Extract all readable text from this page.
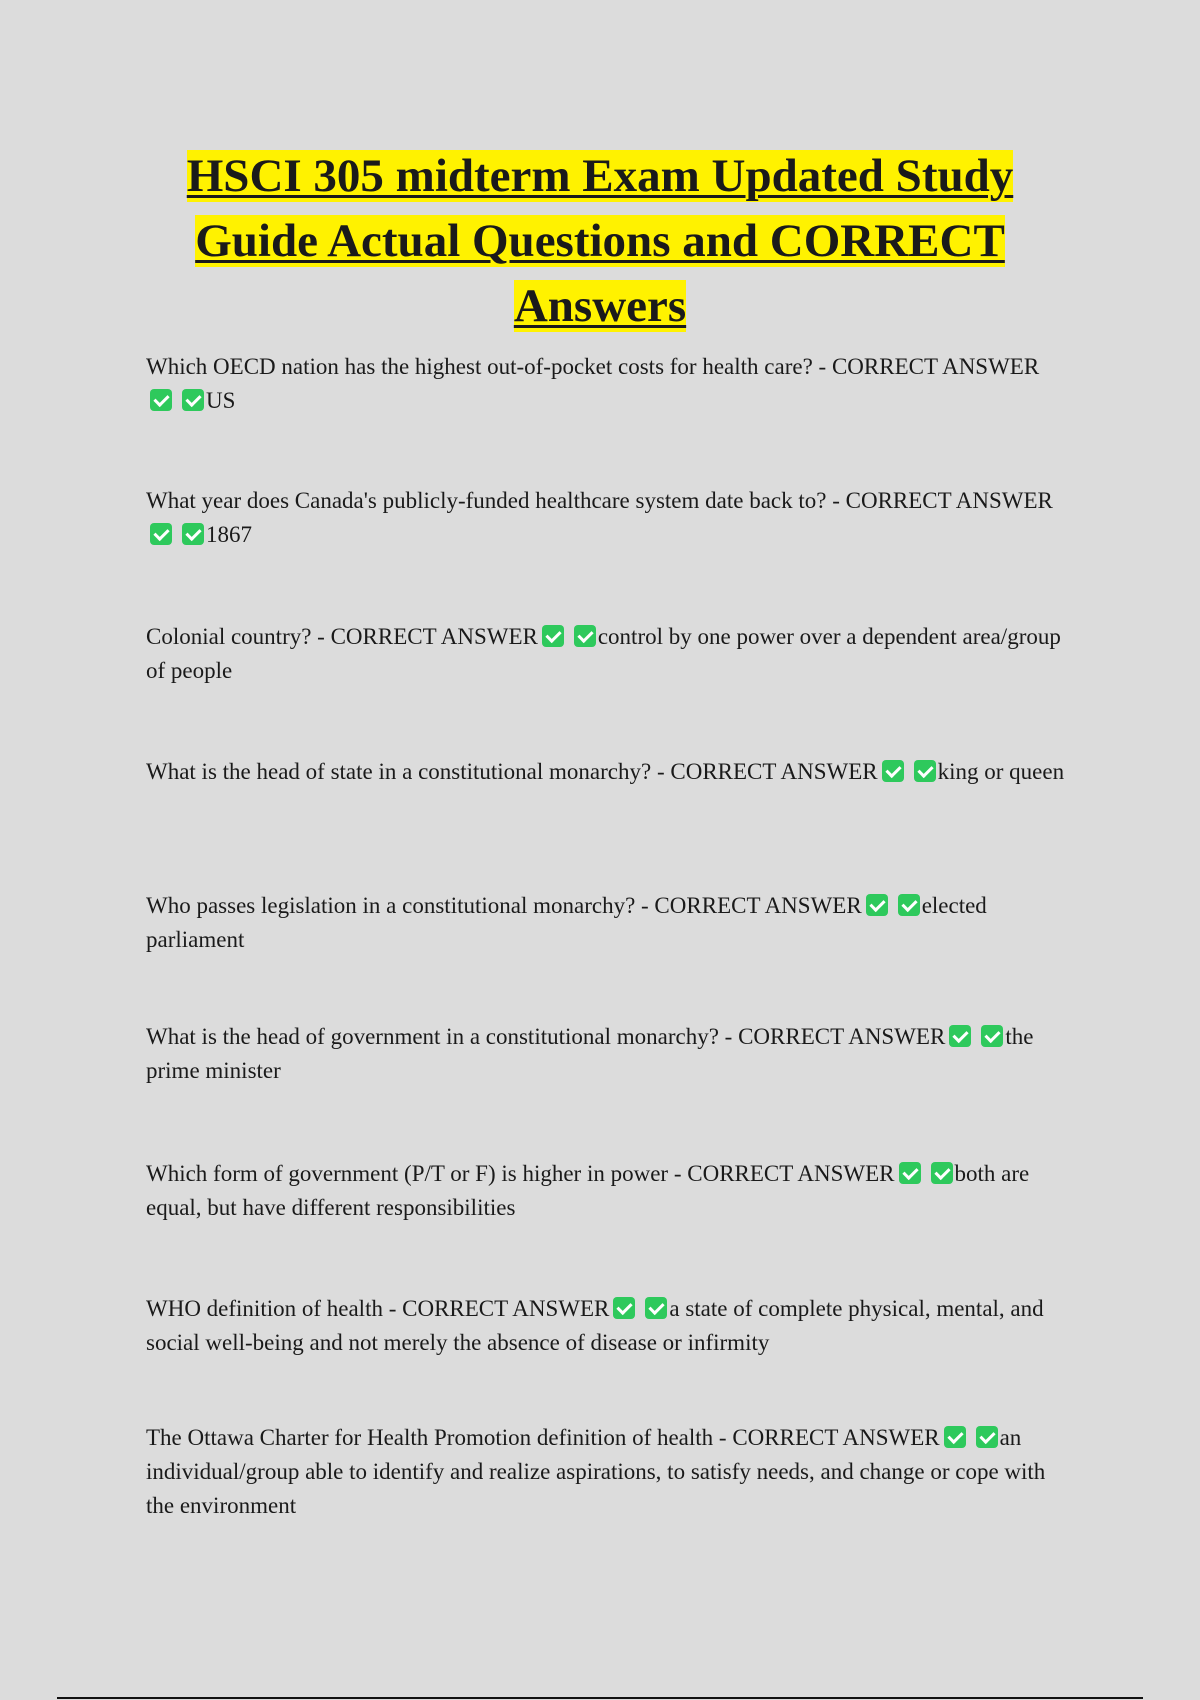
HSCI 305 midterm Exam Updated Study
Guide Actual Questions and CORRECT
Answers
Which OECD nation has the highest out-of-pocket costs for health care? - CORRECT ANSWERUS
What year does Canada's publicly-funded healthcare system date back to? - CORRECT ANSWER1867
Colonial country? - CORRECT ANSWER	control by one power over a dependent area/group of people
What is the head of state in a constitutional monarchy? - CORRECT ANSWER	king or queen
Who passes legislation in a constitutional monarchy? - CORRECT ANSWER	elected parliament
What is the head of government in a constitutional monarchy? - CORRECT ANSWER	the prime minister
Which form of government (P/T or F) is higher in power - CORRECT ANSWER	both are equal, but have different responsibilities
WHO definition of health - CORRECT ANSWER	a state of complete physical, mental, and social well-being and not merely the absence of disease or infirmity
The Ottawa Charter for Health Promotion definition of health - CORRECT ANSWER	an individual/group able to identify and realize aspirations, to satisfy needs, and change or cope with the environment
